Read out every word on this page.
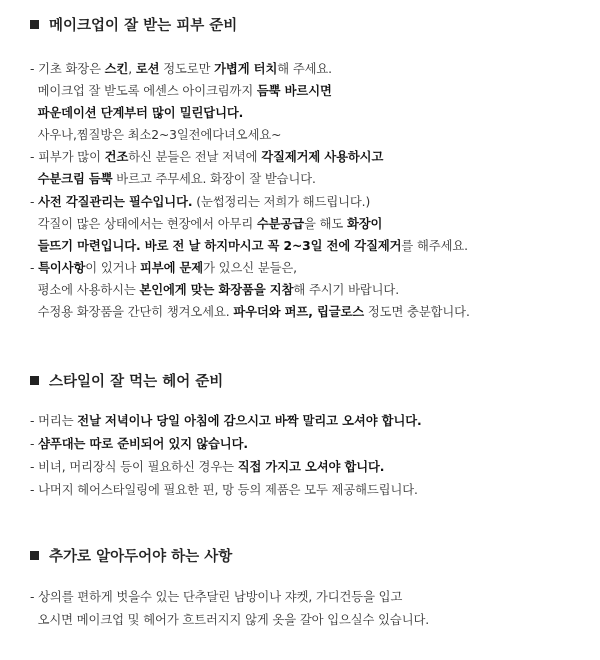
메이크업이 잘 받는 피부 준비
- 기초 화장은 스킨, 로션 정도로만 가볍게 터치해 주세요.
메이크업 잘 받도록 에센스 아이크림까지 듬뿍 바르시면
파운데이션 단계부터 많이 밀린답니다.
사우나,찜질방은 최소2~3일전에다녀오세요~
- 피부가 많이 건조하신 분들은 전날 저녁에 각질제거제 사용하시고
수분크림 듬뿍 바르고 주무세요. 화장이 잘 받습니다.
- 사전 각질관리는 필수입니다. (눈썹정리는 저희가 해드립니다.)
각질이 많은 상태에서는 현장에서 아무리 수분공급을 해도 화장이
들뜨기 마련입니다. 바로 전 날 하지마시고 꼭 2~3일 전에 각질제거를 해주세요.
- 특이사항이 있거나 피부에 문제가 있으신 분들은,
평소에 사용하시는 본인에게 맞는 화장품을 지참해 주시기 바랍니다.
수정용 화장품을 간단히 챙겨오세요. 파우더와 퍼프, 립글로스 정도면 충분합니다.
스타일이 잘 먹는 헤어 준비
- 머리는 전날 저녁이나 당일 아침에 감으시고 바짝 말리고 오셔야 합니다.
- 샴푸대는 따로 준비되어 있지 않습니다.
- 비녀, 머리장식 등이 필요하신 경우는 직접 가지고 오셔야 합니다.
- 나머지 헤어스타일링에 필요한 핀, 망 등의 제품은 모두 제공해드립니다.
추가로 알아두어야 하는 사항
- 상의를 편하게 벗을수 있는 단추달린 남방이나 쟈켓, 가디건등을 입고
오시면 메이크업 및 헤어가 흐트러지지 않게 옷을 갈아 입으실수 있습니다.
